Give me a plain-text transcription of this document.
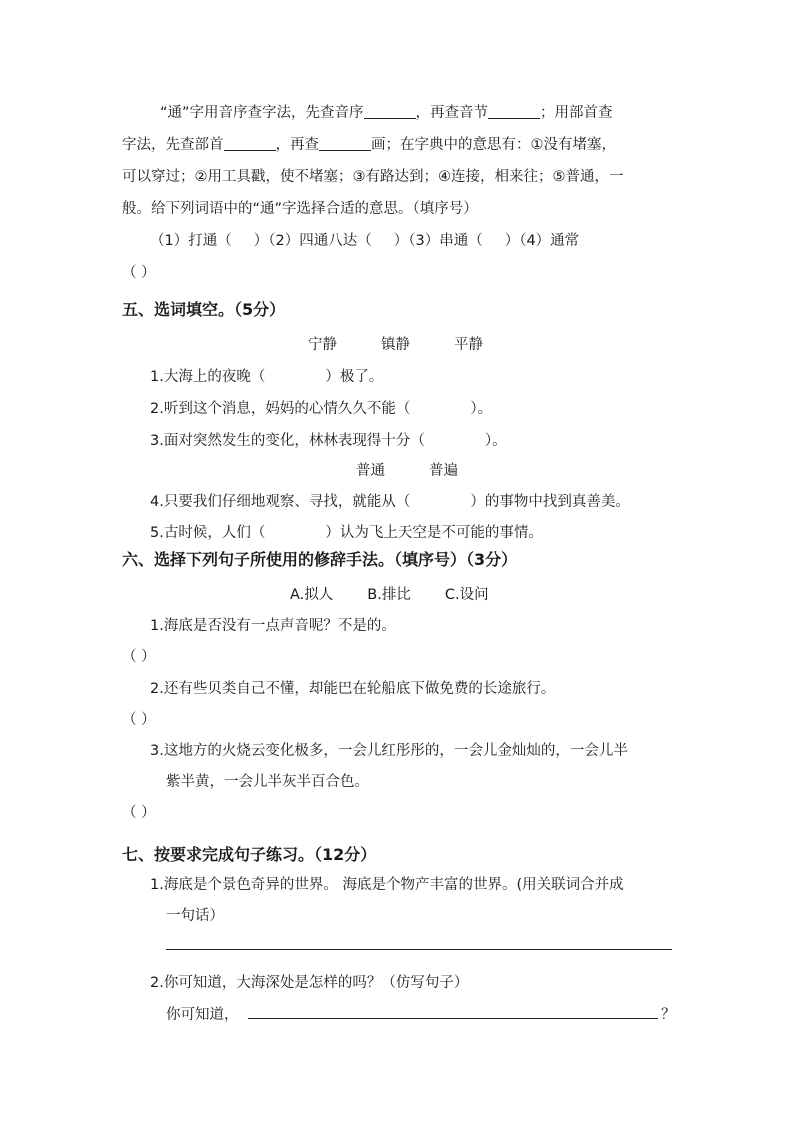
“通”字用音序查字法，先查音序	，再查音节	；用部首查
字法，先查部首	，再查	画；在字典中的意思有：①没有堵塞，
可以穿过；②用工具戳，使不堵塞；③有路达到；④连接，相来往；⑤普通，一
般。给下列词语中的“通”字选择合适的意思。（填序号）
（1）打通（ ）（2）四通八达（ ）（3）串通（ ）（4）通常
（ ）
五、选词填空。（5分）
宁静	镇静	平静
1.大海上的夜晚（	）极了。
2.听到这个消息，妈妈的心情久久不能（	）。
3.面对突然发生的变化，林林表现得十分（	）。
普通	普遍
4.只要我们仔细地观察、寻找，就能从（	）的事物中找到真善美。
5.古时候，人们（	）认为飞上天空是不可能的事情。
六、选择下列句子所使用的修辞手法。（填序号）（3分）
A.拟人 B.排比 C.设问
1.海底是否没有一点声音呢？不是的。
（ ）
2.还有些贝类自己不懂，却能巴在轮船底下做免费的长途旅行。
（ ）
3.这地方的火烧云变化极多，一会儿红彤彤的，一会儿金灿灿的，一会儿半
紫半黄，一会儿半灰半百合色。
（ ）
七、按要求完成句子练习。（12分）
1.海底是个景色奇异的世界。 海底是个物产丰富的世界。(用关联词合并成
一句话）
2.你可知道，大海深处是怎样的吗？（仿写句子）
你可知道，	？
